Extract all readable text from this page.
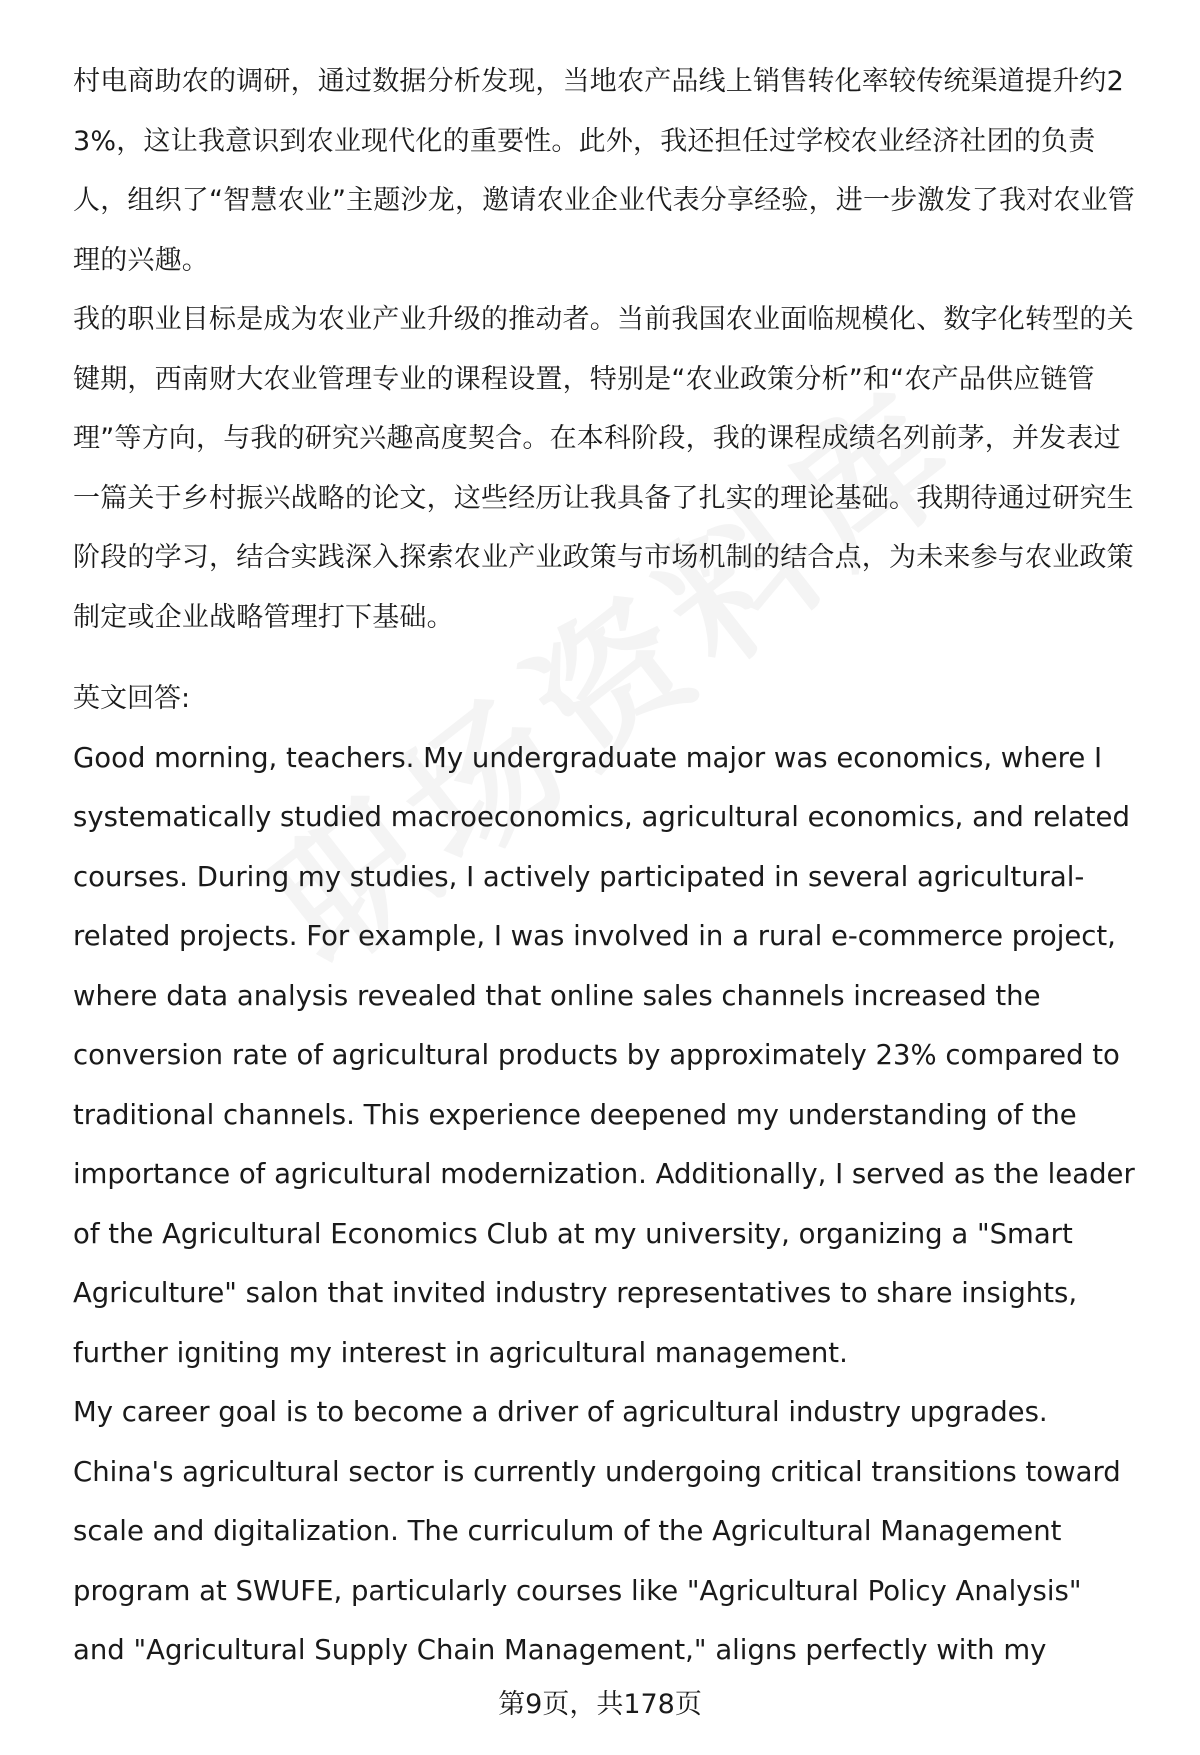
村电商助农的调研，通过数据分析发现，当地农产品线上销售转化率较传统渠道提升约23%，这让我意识到农业现代化的重要性。此外，我还担任过学校农业经济社团的负责人，组织了“智慧农业”主题沙龙，邀请农业企业代表分享经验，进一步激发了我对农业管理的兴趣。

我的职业目标是成为农业产业升级的推动者。当前我国农业面临规模化、数字化转型的关键期，西南财大农业管理专业的课程设置，特别是“农业政策分析”和“农产品供应链管理”等方向，与我的研究兴趣高度契合。在本科阶段，我的课程成绩名列前茅，并发表过一篇关于乡村振兴战略的论文，这些经历让我具备了扎实的理论基础。我期待通过研究生阶段的学习，结合实践深入探索农业产业政策与市场机制的结合点，为未来参与农业政策制定或企业战略管理打下基础。

英文回答:

Good morning, teachers. My undergraduate major was economics, where I systematically studied macroeconomics, agricultural economics, and related courses. During my studies, I actively participated in several agricultural-related projects. For example, I was involved in a rural e-commerce project, where data analysis revealed that online sales channels increased the conversion rate of agricultural products by approximately 23% compared to traditional channels. This experience deepened my understanding of the importance of agricultural modernization. Additionally, I served as the leader of the Agricultural Economics Club at my university, organizing a "Smart Agriculture" salon that invited industry representatives to share insights, further igniting my interest in agricultural management.

My career goal is to become a driver of agricultural industry upgrades. China's agricultural sector is currently undergoing critical transitions toward scale and digitalization. The curriculum of the Agricultural Management program at SWUFE, particularly courses like "Agricultural Policy Analysis" and "Agricultural Supply Chain Management," aligns perfectly with my

第9页，共178页
